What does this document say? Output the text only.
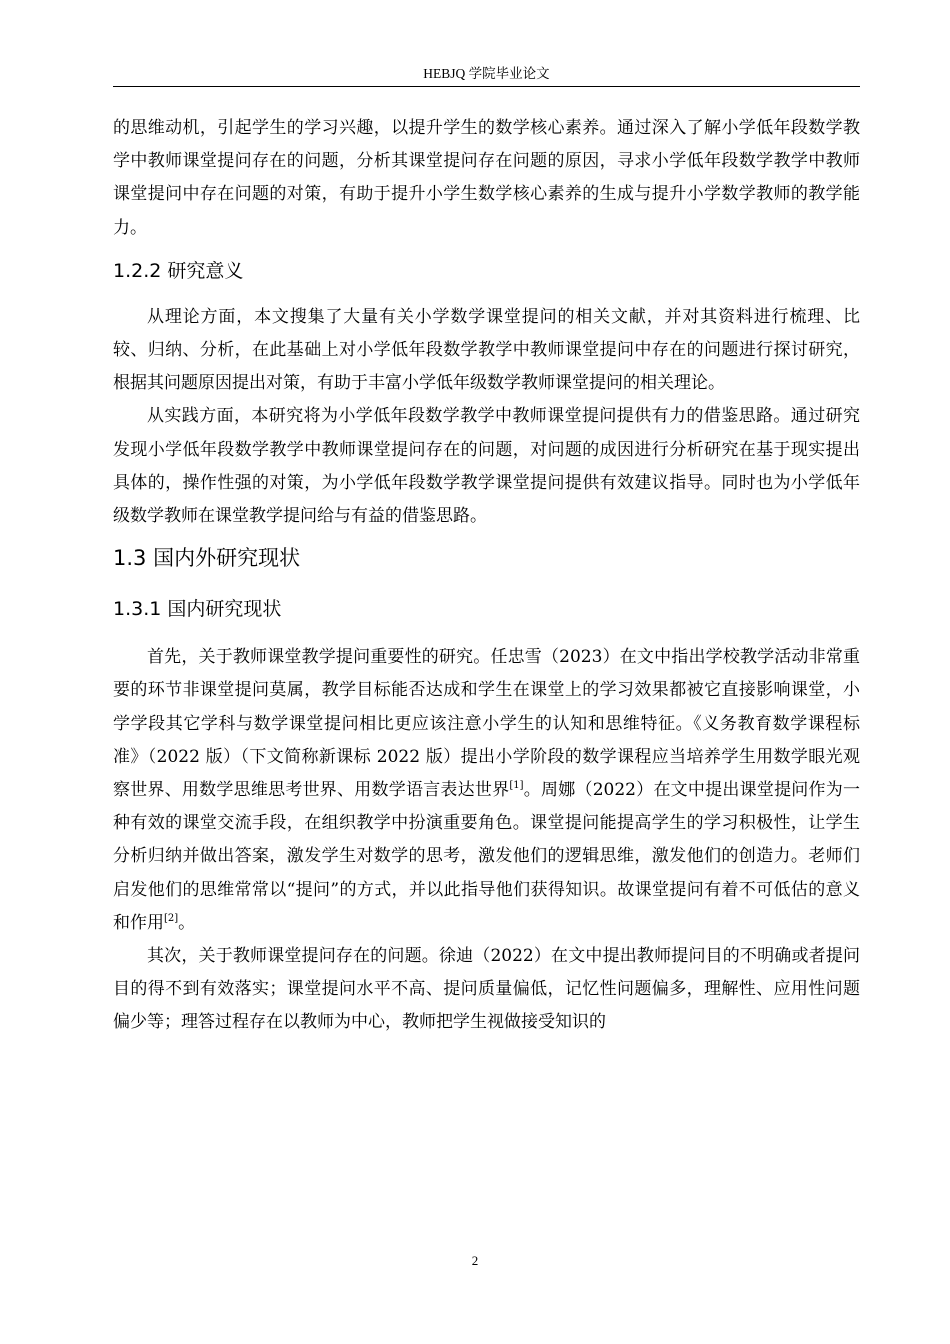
HEBJQ 学院毕业论文

的思维动机，引起学生的学习兴趣，以提升学生的数学核心素养。通过深入了解小学低年段数学教学中教师课堂提问存在的问题，分析其课堂提问存在问题的原因，寻求小学低年段数学教学中教师课堂提问中存在问题的对策，有助于提升小学生数学核心素养的生成与提升小学数学教师的教学能力。

1.2.2 研究意义

从理论方面，本文搜集了大量有关小学数学课堂提问的相关文献，并对其资料进行梳理、比较、归纳、分析，在此基础上对小学低年段数学教学中教师课堂提问中存在的问题进行探讨研究，根据其问题原因提出对策，有助于丰富小学低年级数学教师课堂提问的相关理论。

从实践方面，本研究将为小学低年段数学教学中教师课堂提问提供有力的借鉴思路。通过研究发现小学低年段数学教学中教师课堂提问存在的问题，对问题的成因进行分析研究在基于现实提出具体的，操作性强的对策，为小学低年段数学教学课堂提问提供有效建议指导。同时也为小学低年级数学教师在课堂教学提问给与有益的借鉴思路。

1.3 国内外研究现状
1.3.1 国内研究现状

首先，关于教师课堂教学提问重要性的研究。任忠雪（2023）在文中指出学校教学活动非常重要的环节非课堂提问莫属，教学目标能否达成和学生在课堂上的学习效果都被它直接影响课堂，小学学段其它学科与数学课堂提问相比更应该注意小学生的认知和思维特征。《义务教育数学课程标准》（2022 版）（下文简称新课标 2022 版）提出小学阶段的数学课程应当培养学生用数学眼光观察世界、用数学思维思考世界、用数学语言表达世界[1]。周娜（2022）在文中提出课堂提问作为一种有效的课堂交流手段，在组织教学中扮演重要角色。课堂提问能提高学生的学习积极性，让学生分析归纳并做出答案，激发学生对数学的思考，激发他们的逻辑思维，激发他们的创造力。老师们启发他们的思维常常以“提问”的方式，并以此指导他们获得知识。故课堂提问有着不可低估的意义和作用[2]。

其次，关于教师课堂提问存在的问题。徐迪（2022）在文中提出教师提问目的不明确或者提问目的得不到有效落实；课堂提问水平不高、提问质量偏低，记忆性问题偏多，理解性、应用性问题偏少等；理答过程存在以教师为中心，教师把学生视做接受知识的

2
